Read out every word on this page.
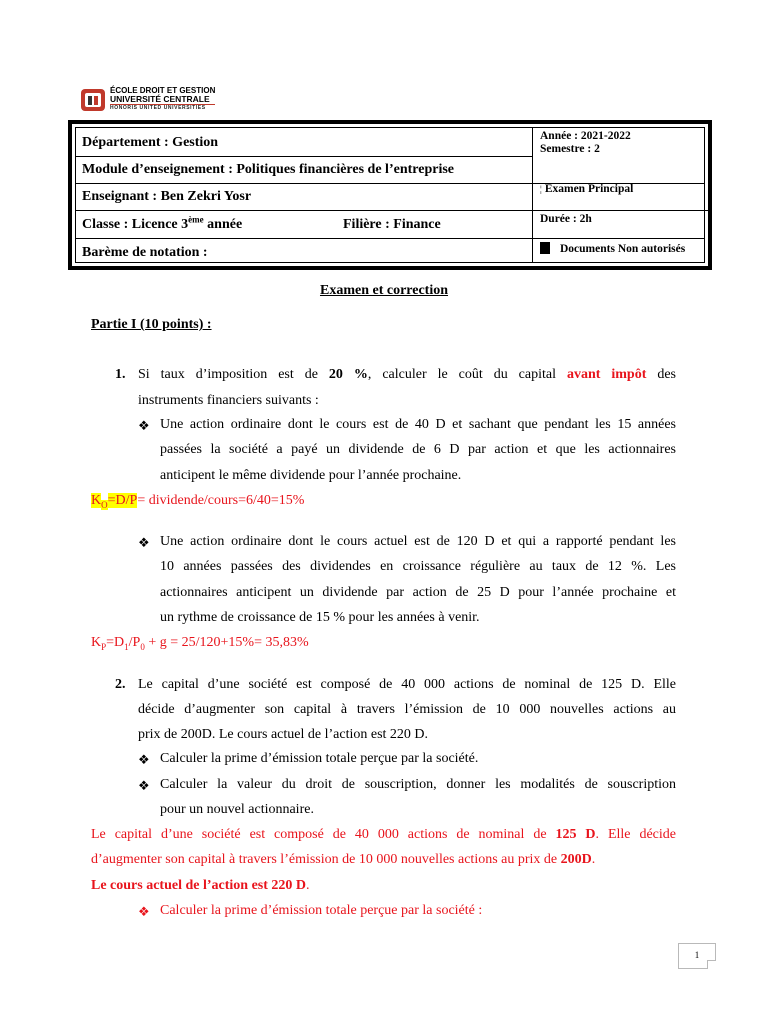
ÉCOLE DROIT ET GESTION
UNIVERSITÉ CENTRALE
HONORIS UNITED UNIVERSITIES
Département : Gestion
Module d’enseignement : Politiques financières de l’entreprise
Enseignant : Ben Zekri Yosr
Classe : Licence 3ème année	Filière : Finance
Barème de notation :
Année : 2021-2022
Semestre : 2
¦ Examen Principal
Durée : 2h
Documents Non autorisés
Examen et correction
Partie I (10 points) :
1. Si taux d’imposition est de 20 %, calculer le coût du capital avant impôt des
instruments financiers suivants :
❖ Une action ordinaire dont le cours est de 40 D et sachant que pendant les 15 années
passées la société a payé un dividende de 6 D par action et que les actionnaires
anticipent le même dividende pour l’année prochaine.
$K_O=D/P=$ dividende/cours=6/40=15%
❖ Une action ordinaire dont le cours actuel est de 120 D et qui a rapporté pendant les
10 années passées des dividendes en croissance régulière au taux de 12 %. Les
actionnaires anticipent un dividende par action de 25 D pour l’année prochaine et
un rythme de croissance de 15 % pour les années à venir.
$K_P=D_1/P_0 + g = 25/120+15\%= 35,83\%$
2. Le capital d’une société est composé de 40 000 actions de nominal de 125 D. Elle
décide d’augmenter son capital à travers l’émission de 10 000 nouvelles actions au
prix de 200D. Le cours actuel de l’action est 220 D.
❖ Calculer la prime d’émission totale perçue par la société.
❖ Calculer la valeur du droit de souscription, donner les modalités de souscription
pour un nouvel actionnaire.
Le capital d’une société est composé de 40 000 actions de nominal de 125 D. Elle décide
d’augmenter son capital à travers l’émission de 10 000 nouvelles actions au prix de 200D.
Le cours actuel de l’action est 220 D.
❖ Calculer la prime d’émission totale perçue par la société :
1
